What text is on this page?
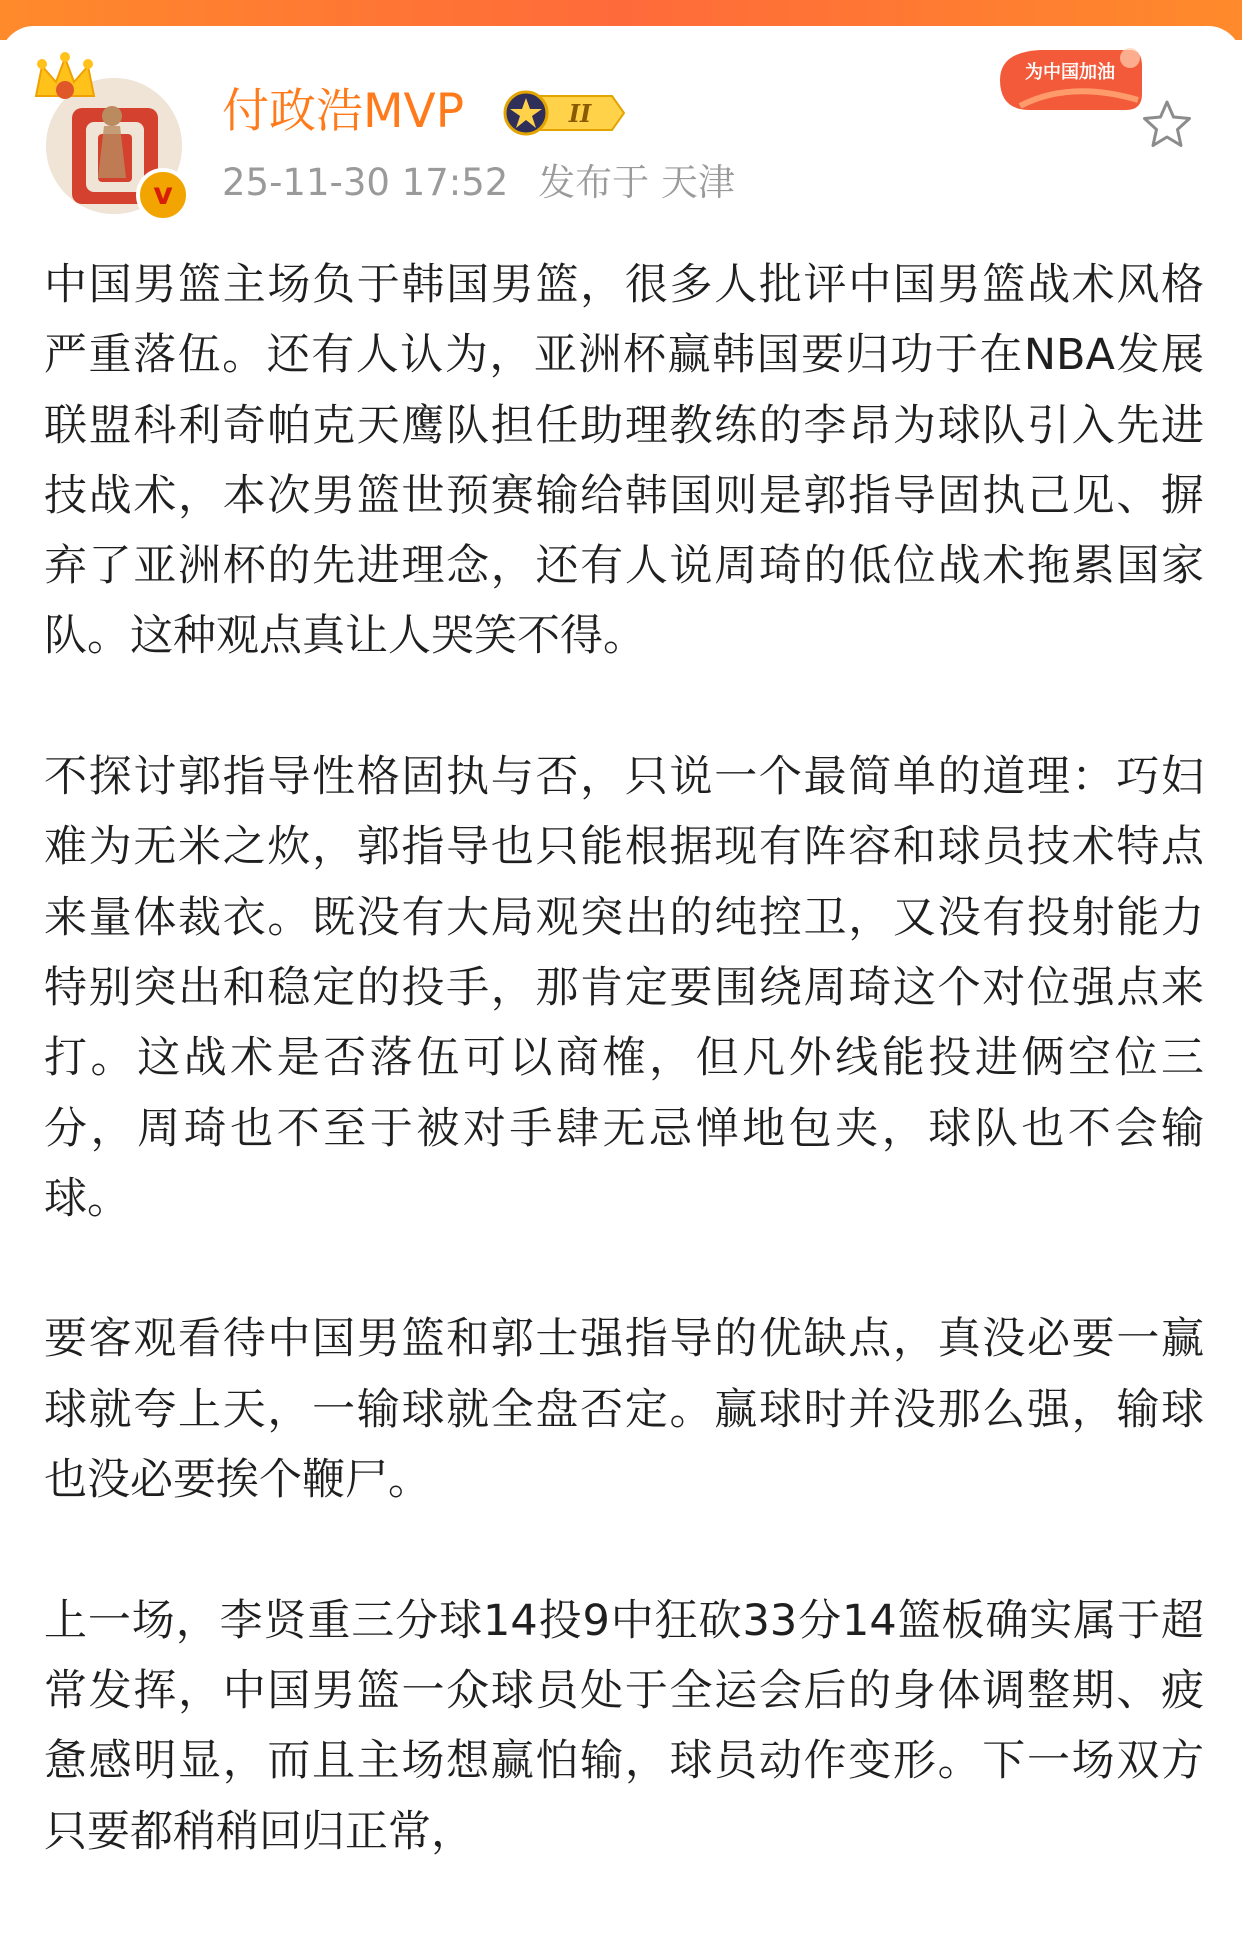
v
付政浩MVP	II
25-11-30 17:52 发布于 天津
为中国加油

中国男篮主场负于韩国男篮，很多人批评中国男篮战术风格严重落伍。还有人认为，亚洲杯赢韩国要归功于在NBA发展联盟科利奇帕克天鹰队担任助理教练的李昂为球队引入先进技战术，本次男篮世预赛输给韩国则是郭指导固执己见、摒弃了亚洲杯的先进理念，还有人说周琦的低位战术拖累国家队。这种观点真让人哭笑不得。

不探讨郭指导性格固执与否，只说一个最简单的道理：巧妇难为无米之炊，郭指导也只能根据现有阵容和球员技术特点来量体裁衣。既没有大局观突出的纯控卫，又没有投射能力特别突出和稳定的投手，那肯定要围绕周琦这个对位强点来打。这战术是否落伍可以商榷，但凡外线能投进俩空位三分，周琦也不至于被对手肆无忌惮地包夹，球队也不会输球。

要客观看待中国男篮和郭士强指导的优缺点，真没必要一赢球就夸上天，一输球就全盘否定。赢球时并没那么强，输球也没必要挨个鞭尸。

上一场，李贤重三分球14投9中狂砍33分14篮板确实属于超常发挥，中国男篮一众球员处于全运会后的身体调整期、疲惫感明显，而且主场想赢怕输，球员动作变形。下一场双方只要都稍稍回归正常，
